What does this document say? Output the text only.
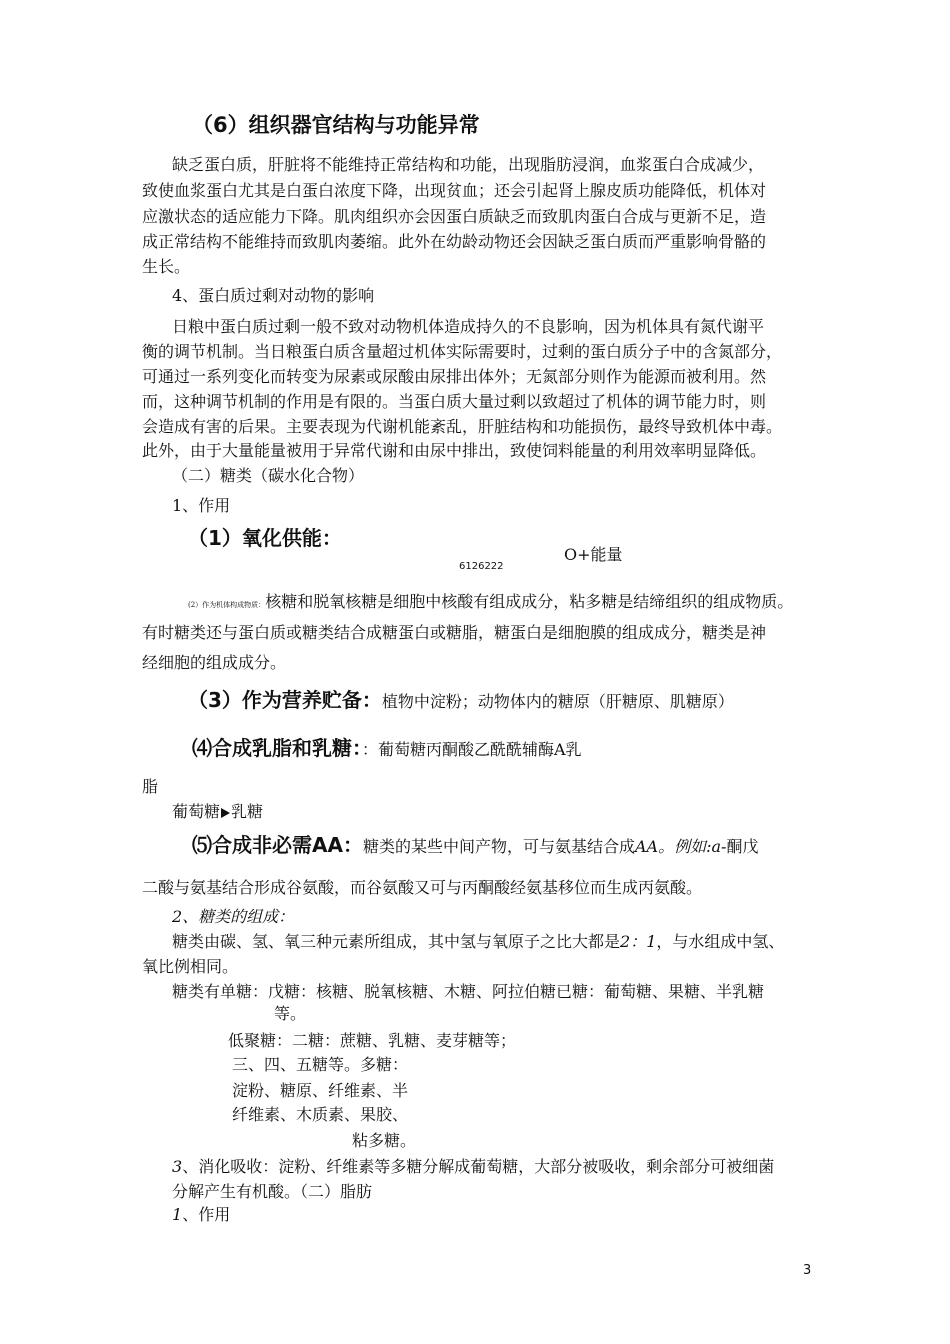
（6）组织器官结构与功能异常
缺乏蛋白质，肝脏将不能维持正常结构和功能，出现脂肪浸润，血浆蛋白合成减少，
致使血浆蛋白尤其是白蛋白浓度下降，出现贫血；还会引起肾上腺皮质功能降低，机体对
应激状态的适应能力下降。肌肉组织亦会因蛋白质缺乏而致肌肉蛋白合成与更新不足，造
成正常结构不能维持而致肌肉萎缩。此外在幼龄动物还会因缺乏蛋白质而严重影响骨骼的
生长。
4、蛋白质过剩对动物的影响
日粮中蛋白质过剩一般不致对动物机体造成持久的不良影响，因为机体具有氮代谢平
衡的调节机制。当日粮蛋白质含量超过机体实际需要时，过剩的蛋白质分子中的含氮部分，
可通过一系列变化而转变为尿素或尿酸由尿排出体外；无氮部分则作为能源而被利用。然
而，这种调节机制的作用是有限的。当蛋白质大量过剩以致超过了机体的调节能力时，则
会造成有害的后果。主要表现为代谢机能紊乱，肝脏结构和功能损伤，最终导致机体中毒。
此外，由于大量能量被用于异常代谢和由尿中排出，致使饲料能量的利用效率明显降低。
（二）糖类（碳水化合物）
1、作用
（1）氧化供能：
O+能量
6126222
(2）作为机体构成物质：核糖和脱氧核糖是细胞中核酸有组成成分，粘多糖是结缔组织的组成物质。
有时糖类还与蛋白质或糖类结合成糖蛋白或糖脂，糖蛋白是细胞膜的组成成分，糖类是神
经细胞的组成成分。
（3）作为营养贮备：植物中淀粉；动物体内的糖原（肝糖原、肌糖原）
⑷合成乳脂和乳糖：：葡萄糖丙酮酸乙酰酰辅酶A乳
脂
葡萄糖 乳糖
⑸合成非必需AA：糖类的某些中间产物，可与氨基结合成AA。例如:a-酮戊
二酸与氨基结合形成谷氨酸，而谷氨酸又可与丙酮酸经氨基移位而生成丙氨酸。
2、糖类的组成：
糖类由碳、氢、氧三种元素所组成，其中氢与氧原子之比大都是2：1，与水组成中氢、
氧比例相同。
糖类有单糖：戊糖：核糖、脱氧核糖、木糖、阿拉伯糖已糖：葡萄糖、果糖、半乳糖
等。
低聚糖：二糖：蔗糖、乳糖、麦芽糖等；
三、四、五糖等。多糖：
淀粉、糖原、纤维素、半
纤维素、木质素、果胶、
粘多糖。
3、消化吸收：淀粉、纤维素等多糖分解成葡萄糖，大部分被吸收，剩余部分可被细菌
分解产生有机酸。（二）脂肪
1、作用
3
